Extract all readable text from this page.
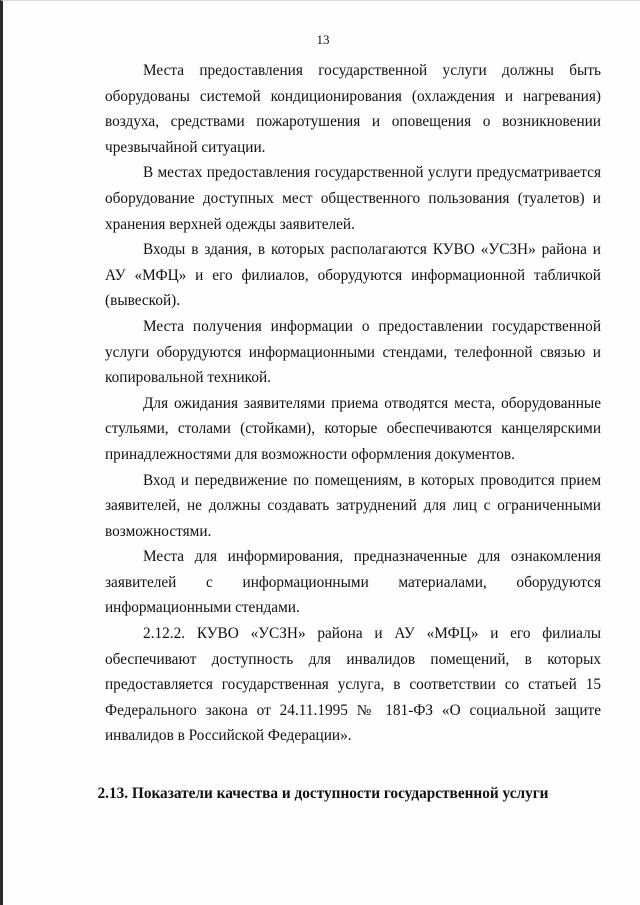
13

Места предоставления государственной услуги должны быть оборудованы системой кондиционирования (охлаждения и нагревания) воздуха, средствами пожаротушения и оповещения о возникновении чрезвычайной ситуации.

В местах предоставления государственной услуги предусматривается оборудование доступных мест общественного пользования (туалетов) и хранения верхней одежды заявителей.

Входы в здания, в которых располагаются КУВО «УСЗН» района и АУ «МФЦ» и его филиалов, оборудуются информационной табличкой (вывеской).

Места получения информации о предоставлении государственной услуги оборудуются информационными стендами, телефонной связью и копировальной техникой.

Для ожидания заявителями приема отводятся места, оборудованные стульями, столами (стойками), которые обеспечиваются канцелярскими принадлежностями для возможности оформления документов.

Вход и передвижение по помещениям, в которых проводится прием заявителей, не должны создавать затруднений для лиц с ограниченными возможностями.

Места для информирования, предназначенные для ознакомления заявителей с информационными материалами, оборудуются информационными стендами.

2.12.2. КУВО «УСЗН» района и АУ «МФЦ» и его филиалы обеспечивают доступность для инвалидов помещений, в которых предоставляется государственная услуга, в соответствии со статьей 15 Федерального закона от 24.11.1995 № 181-ФЗ «О социальной защите инвалидов в Российской Федерации».

2.13. Показатели качества и доступности государственной услуги
